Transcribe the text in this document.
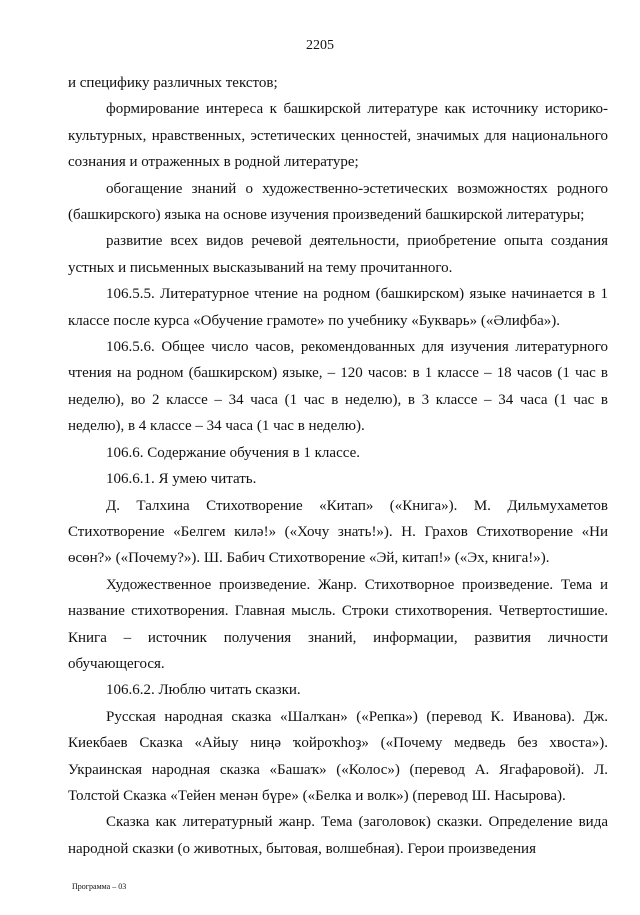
2205

и специфику различных текстов;

формирование интереса к башкирской литературе как источнику историко-культурных, нравственных, эстетических ценностей, значимых для национального сознания и отраженных в родной литературе;

обогащение знаний о художественно-эстетических возможностях родного (башкирского) языка на основе изучения произведений башкирской литературы;

развитие всех видов речевой деятельности, приобретение опыта создания устных и письменных высказываний на тему прочитанного.

106.5.5. Литературное чтение на родном (башкирском) языке начинается в 1 классе после курса «Обучение грамоте» по учебнику «Букварь» («Әлифба»).

106.5.6. Общее число часов, рекомендованных для изучения литературного чтения на родном (башкирском) языке, – 120 часов: в 1 классе – 18 часов (1 час в неделю), во 2 классе – 34 часа (1 час в неделю), в 3 классе – 34 часа (1 час в неделю), в 4 классе – 34 часа (1 час в неделю).

106.6. Содержание обучения в 1 классе.

106.6.1. Я умею читать.

Д. Талхина Стихотворение «Китап» («Книга»). М. Дильмухаметов Стихотворение «Белгем килә!» («Хочу знать!»). Н. Грахов Стихотворение «Ни өсөн?» («Почему?»). Ш. Бабич Стихотворение «Эй, китап!» («Эх, книга!»).

Художественное произведение. Жанр. Стихотворное произведение. Тема и название стихотворения. Главная мысль. Строки стихотворения. Четвертостишие. Книга – источник получения знаний, информации, развития личности обучающегося.

106.6.2. Люблю читать сказки.

Русская народная сказка «Шалҡан» («Репка») (перевод К. Иванова). Дж. Киекбаев Сказка «Айыу ниңә ҡойроҡһоҙ» («Почему медведь без хвоста»). Украинская народная сказка «Башаҡ» («Колос») (перевод А. Ягафаровой). Л. Толстой Сказка «Тейен менән бүре» («Белка и волк») (перевод Ш. Насырова).

Сказка как литературный жанр. Тема (заголовок) сказки. Определение вида народной сказки (о животных, бытовая, волшебная). Герои произведения

Программа – 03
